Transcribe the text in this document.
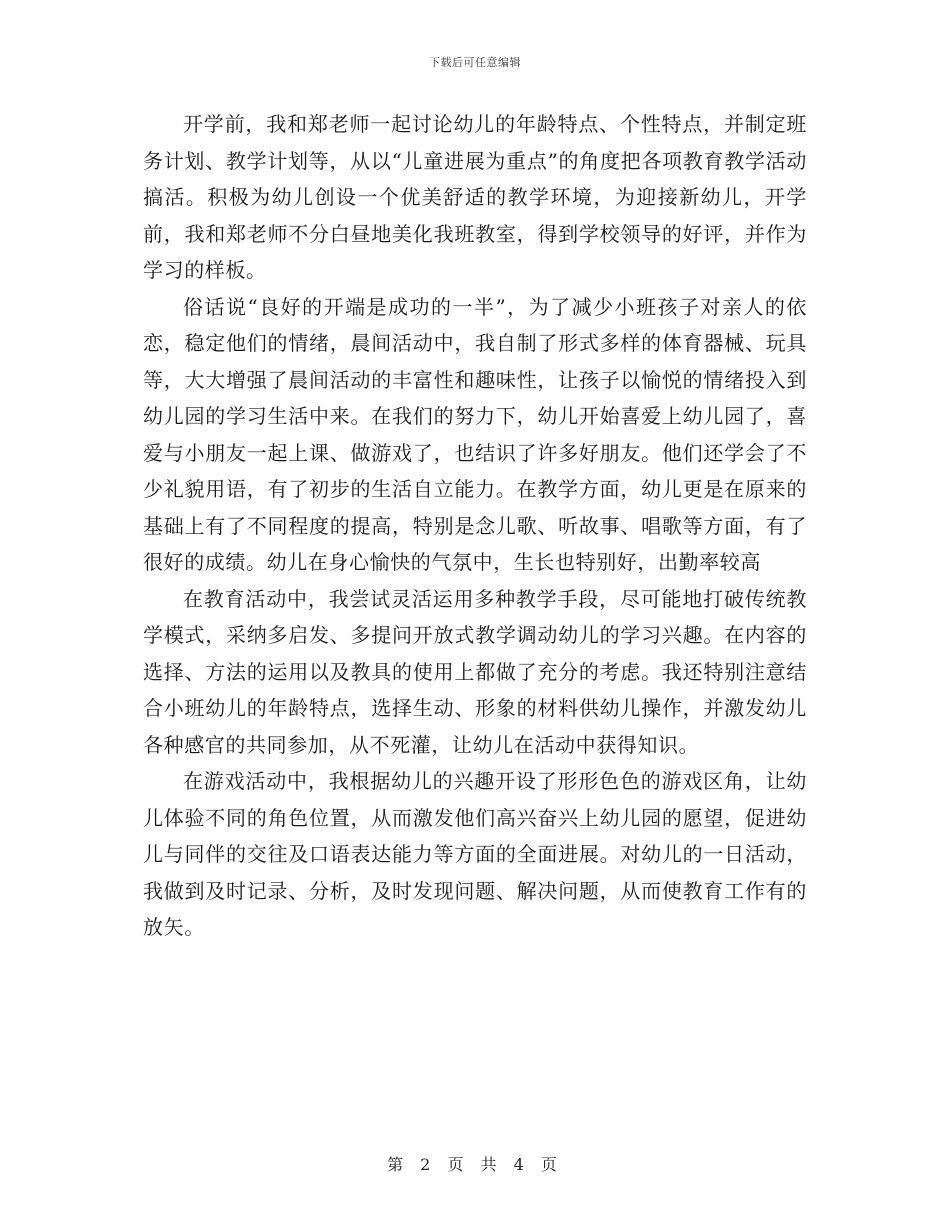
下载后可任意编辑

开学前，我和郑老师一起讨论幼儿的年龄特点、个性特点，并制定班务计划、教学计划等，从以“儿童进展为重点”的角度把各项教育教学活动搞活。积极为幼儿创设一个优美舒适的教学环境，为迎接新幼儿，开学前，我和郑老师不分白昼地美化我班教室，得到学校领导的好评，并作为学习的样板。

俗话说“良好的开端是成功的一半”，为了减少小班孩子对亲人的依恋，稳定他们的情绪，晨间活动中，我自制了形式多样的体育器械、玩具等，大大增强了晨间活动的丰富性和趣味性，让孩子以愉悦的情绪投入到幼儿园的学习生活中来。在我们的努力下，幼儿开始喜爱上幼儿园了，喜爱与小朋友一起上课、做游戏了，也结识了许多好朋友。他们还学会了不少礼貌用语，有了初步的生活自立能力。在教学方面，幼儿更是在原来的基础上有了不同程度的提高，特别是念儿歌、听故事、唱歌等方面，有了很好的成绩。幼儿在身心愉快的气氛中，生长也特别好，出勤率较高

在教育活动中，我尝试灵活运用多种教学手段，尽可能地打破传统教学模式，采纳多启发、多提问开放式教学调动幼儿的学习兴趣。在内容的选择、方法的运用以及教具的使用上都做了充分的考虑。我还特别注意结合小班幼儿的年龄特点，选择生动、形象的材料供幼儿操作，并激发幼儿各种感官的共同参加，从不死灌，让幼儿在活动中获得知识。

在游戏活动中，我根据幼儿的兴趣开设了形形色色的游戏区角，让幼儿体验不同的角色位置，从而激发他们高兴奋兴上幼儿园的愿望，促进幼儿与同伴的交往及口语表达能力等方面的全面进展。对幼儿的一日活动，我做到及时记录、分析，及时发现问题、解决问题，从而使教育工作有的放矢。

第 2 页 共 4 页
